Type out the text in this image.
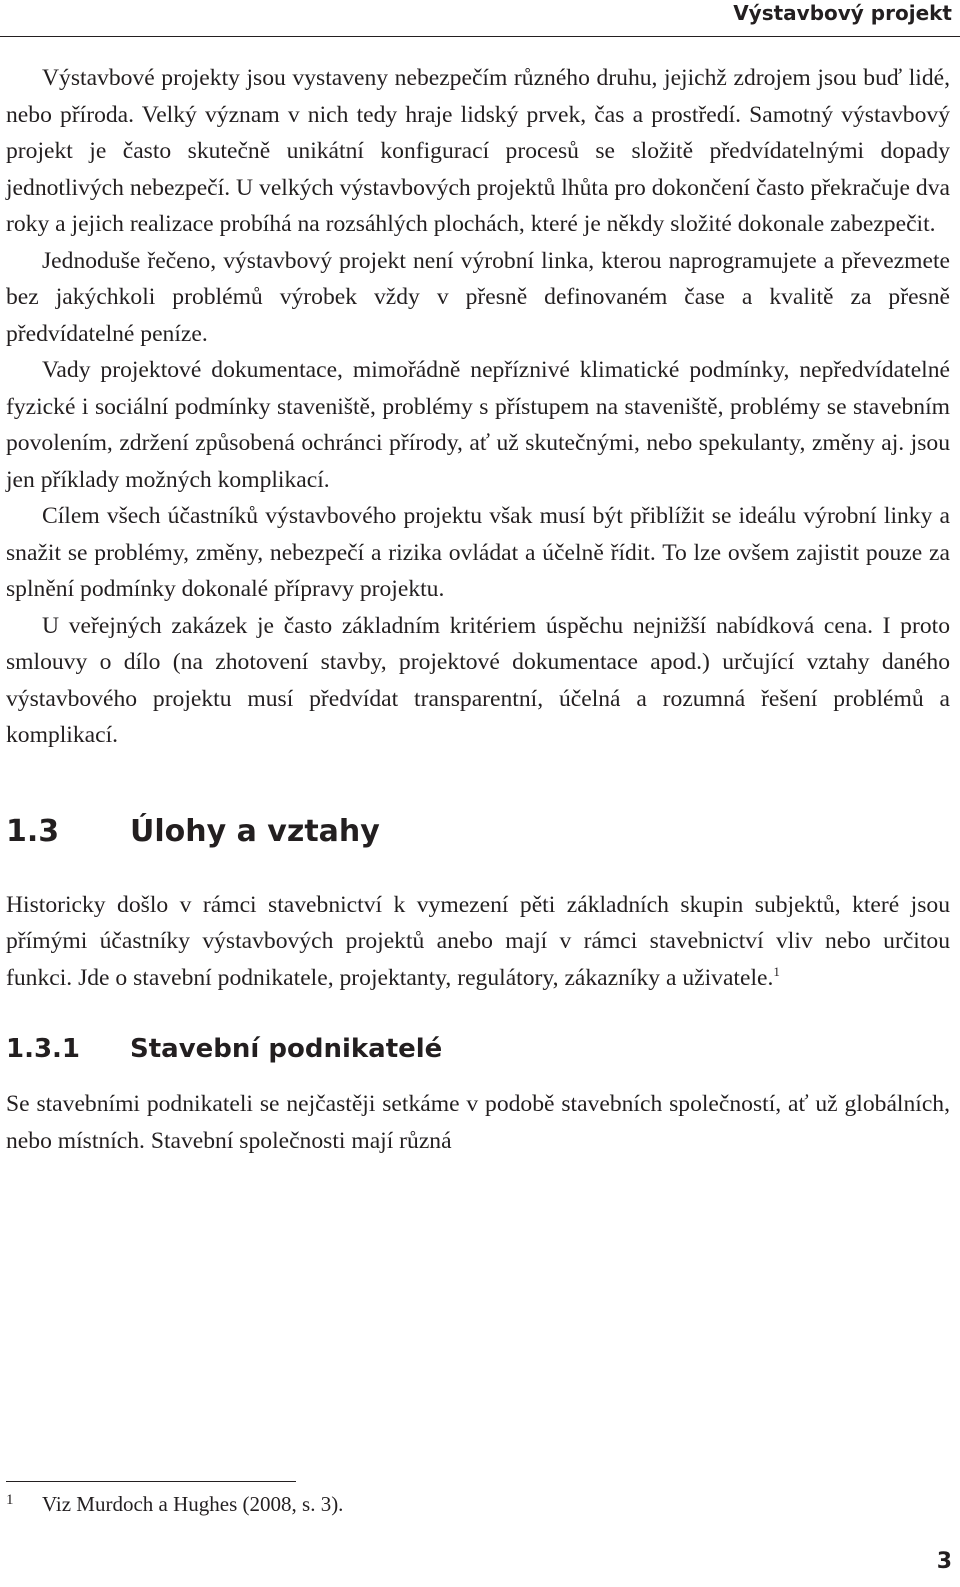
Výstavbový projekt

Výstavbové projekty jsou vystaveny nebezpečím různého druhu, jejichž zdrojem jsou buď lidé, nebo příroda. Velký význam v nich tedy hraje lidský prvek, čas a prostředí. Samotný výstavbový projekt je často skutečně unikátní konfigurací procesů se složitě předvídatelnými dopady jednotlivých nebezpečí. U velkých výstavbových projektů lhůta pro dokončení často překračuje dva roky a jejich realizace probíhá na rozsáhlých plochách, které je někdy složité dokonale zabezpečit.

Jednoduše řečeno, výstavbový projekt není výrobní linka, kterou naprogramujete a převezmete bez jakýchkoli problémů výrobek vždy v přesně definovaném čase a kvalitě za přesně předvídatelné peníze.

Vady projektové dokumentace, mimořádně nepříznivé klimatické podmínky, nepředvídatelné fyzické i sociální podmínky staveniště, problémy s přístupem na staveniště, problémy se stavebním povolením, zdržení způsobená ochránci přírody, ať už skutečnými, nebo spekulanty, změny aj. jsou jen příklady možných komplikací.

Cílem všech účastníků výstavbového projektu však musí být přiblížit se ideálu výrobní linky a snažit se problémy, změny, nebezpečí a rizika ovládat a účelně řídit. To lze ovšem zajistit pouze za splnění podmínky dokonalé přípravy projektu.

U veřejných zakázek je často základním kritériem úspěchu nejnižší nabídková cena. I proto smlouvy o dílo (na zhotovení stavby, projektové dokumentace apod.) určující vztahy daného výstavbového projektu musí předvídat transparentní, účelná a rozumná řešení problémů a komplikací.

1.3	Úlohy a vztahy

Historicky došlo v rámci stavebnictví k vymezení pěti základních skupin subjektů, které jsou přímými účastníky výstavbových projektů anebo mají v rámci stavebnictví vliv nebo určitou funkci. Jde o stavební podnikatele, projektanty, regulátory, zákazníky a uživatele.$^1$

1.3.1	Stavební podnikatelé

Se stavebními podnikateli se nejčastěji setkáme v podobě stavebních společností, ať už globálních, nebo místních. Stavební společnosti mají různá

1	Viz Murdoch a Hughes (2008, s. 3).
3
